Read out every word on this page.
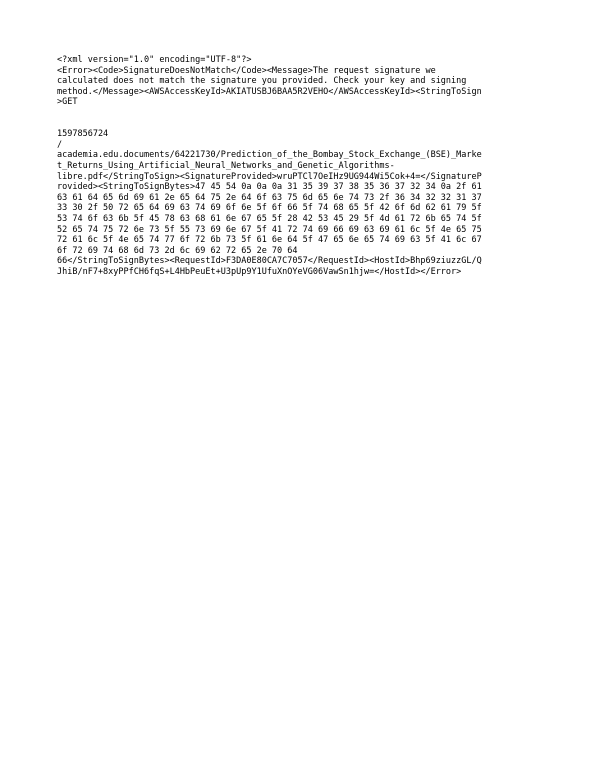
<?xml version="1.0" encoding="UTF-8"?>
<Error><Code>SignatureDoesNotMatch</Code><Message>The request signature we
calculated does not match the signature you provided. Check your key and signing
method.</Message><AWSAccessKeyId>AKIATUSBJ6BAA5R2VEHO</AWSAccessKeyId><StringToSign
>GET
1597856724
/
academia.edu.documents/64221730/Prediction_of_the_Bombay_Stock_Exchange_(BSE)_Marke
t_Returns_Using_Artificial_Neural_Networks_and_Genetic_Algorithms-
libre.pdf</StringToSign><SignatureProvided>wruPTCl7OeIHz9UG944Wi5Cok+4=</SignatureP
rovided><StringToSignBytes>47 45 54 0a 0a 0a 31 35 39 37 38 35 36 37 32 34 0a 2f 61
63 61 64 65 6d 69 61 2e 65 64 75 2e 64 6f 63 75 6d 65 6e 74 73 2f 36 34 32 32 31 37
33 30 2f 50 72 65 64 69 63 74 69 6f 6e 5f 6f 66 5f 74 68 65 5f 42 6f 6d 62 61 79 5f
53 74 6f 63 6b 5f 45 78 63 68 61 6e 67 65 5f 28 42 53 45 29 5f 4d 61 72 6b 65 74 5f
52 65 74 75 72 6e 73 5f 55 73 69 6e 67 5f 41 72 74 69 66 69 63 69 61 6c 5f 4e 65 75
72 61 6c 5f 4e 65 74 77 6f 72 6b 73 5f 61 6e 64 5f 47 65 6e 65 74 69 63 5f 41 6c 67
6f 72 69 74 68 6d 73 2d 6c 69 62 72 65 2e 70 64
66</StringToSignBytes><RequestId>F3DA0E80CA7C7057</RequestId><HostId>Bhp69ziuzzGL/Q
JhiB/nF7+8xyPPfCH6fqS+L4HbPeuEt+U3pUp9Y1UfuXnOYeVG06VawSn1hjw=</HostId></Error>
